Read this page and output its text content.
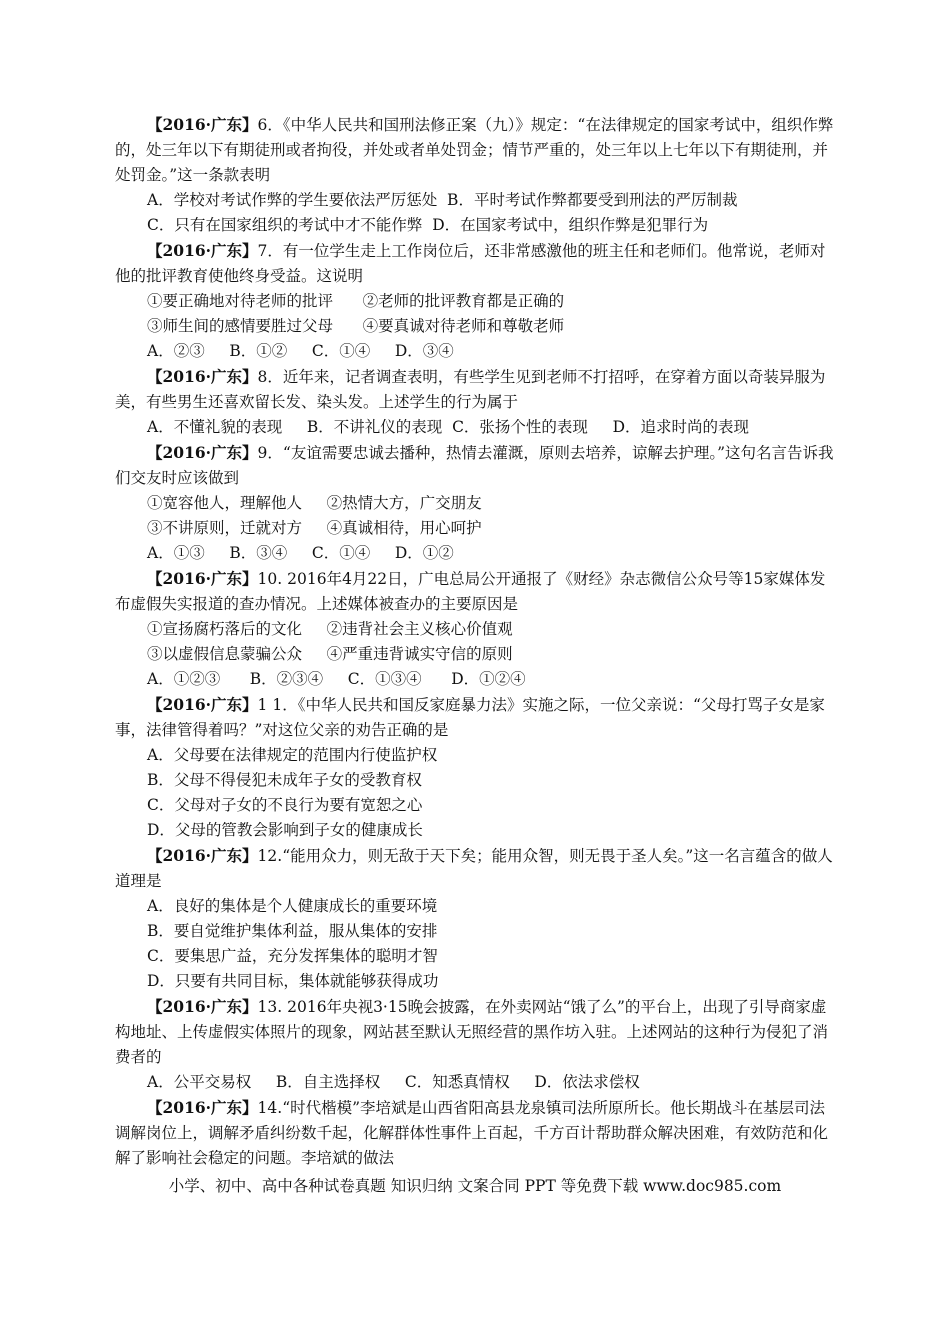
【2016·广东】6．《中华人民共和国刑法修正案（九）》规定：“在法律规定的国家考试中，组织作弊的，处三年以下有期徒刑或者拘役，并处或者单处罚金；情节严重的，处三年以上七年以下有期徒刑，并处罚金。”这一条款表明

A．学校对考试作弊的学生要依法严厉惩处  B．平时考试作弊都要受到刑法的严厉制裁

C．只有在国家组织的考试中才不能作弊  D．在国家考试中，组织作弊是犯罪行为

【2016·广东】7．有一位学生走上工作岗位后，还非常感激他的班主任和老师们。他常说，老师对他的批评教育使他终身受益。这说明

①要正确地对待老师的批评      ②老师的批评教育都是正确的

③师生间的感情要胜过父母      ④要真诚对待老师和尊敬老师

A．②③     B．①②     C．①④     D．③④

【2016·广东】8．近年来，记者调查表明，有些学生见到老师不打招呼，在穿着方面以奇装异服为美，有些男生还喜欢留长发、染头发。上述学生的行为属于

A．不懂礼貌的表现     B．不讲礼仪的表现  C．张扬个性的表现     D．追求时尚的表现

【2016·广东】9．“友谊需要忠诚去播种，热情去灌溉，原则去培养，谅解去护理。”这句名言告诉我们交友时应该做到

①宽容他人，理解他人     ②热情大方，广交朋友

③不讲原则，迁就对方     ④真诚相待，用心呵护

A．①③     B．③④     C．①④     D．①②

【2016·广东】10. 2016年4月22日，广电总局公开通报了《财经》杂志微信公众号等15家媒体发布虚假失实报道的查办情况。上述媒体被查办的主要原因是

①宣扬腐朽落后的文化     ②违背社会主义核心价值观

③以虚假信息蒙骗公众     ④严重违背诚实守信的原则

A．①②③      B．②③④     C．①③④      D．①②④

【2016·广东】1 1．《中华人民共和国反家庭暴力法》实施之际，一位父亲说：“父母打骂子女是家事，法律管得着吗？”对这位父亲的劝告正确的是

A．父母要在法律规定的范围内行使监护权

B．父母不得侵犯未成年子女的受教育权

C．父母对子女的不良行为要有宽恕之心

D．父母的管教会影响到子女的健康成长

【2016·广东】12.“能用众力，则无敌于天下矣；能用众智，则无畏于圣人矣。”这一名言蕴含的做人道理是

A．良好的集体是个人健康成长的重要环境

B．要自觉维护集体利益，服从集体的安排

C．要集思广益，充分发挥集体的聪明才智

D．只要有共同目标，集体就能够获得成功

【2016·广东】13. 2016年央视3·15晚会披露，在外卖网站“饿了么”的平台上，出现了引导商家虚构地址、上传虚假实体照片的现象，网站甚至默认无照经营的黑作坊入驻。上述网站的这种行为侵犯了消费者的

A．公平交易权     B．自主选择权     C．知悉真情权     D．依法求偿权

【2016·广东】14.“时代楷模”李培斌是山西省阳高县龙泉镇司法所原所长。他长期战斗在基层司法调解岗位上，调解矛盾纠纷数千起，化解群体性事件上百起，千方百计帮助群众解决困难，有效防范和化解了影响社会稳定的问题。李培斌的做法

小学、初中、高中各种试卷真题 知识归纳 文案合同 PPT 等免费下载 www.doc985.com
